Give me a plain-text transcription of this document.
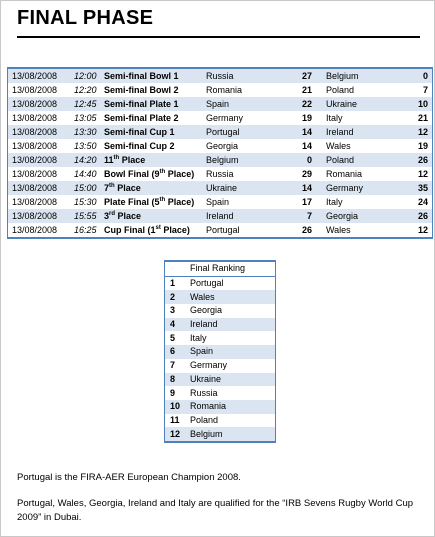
FINAL PHASE
13/08/2008	12:00	Semi-final Bowl 1	Russia	27		Belgium	0
13/08/2008	12:20	Semi-final Bowl 2	Romania	21		Poland	7
13/08/2008	12:45	Semi-final Plate 1	Spain	22		Ukraine	10
13/08/2008	13:05	Semi-final Plate 2	Germany	19		Italy	21
13/08/2008	13:30	Semi-final Cup 1	Portugal	14		Ireland	12
13/08/2008	13:50	Semi-final Cup 2	Georgia	14		Wales	19
13/08/2008	14:20	11th Place	Belgium	0		Poland	26
13/08/2008	14:40	Bowl Final (9th Place)	Russia	29		Romania	12
13/08/2008	15:00	7th Place	Ukraine	14		Germany	35
13/08/2008	15:30	Plate Final (5th Place)	Spain	17		Italy	24
13/08/2008	15:55	3rd Place	Ireland	7		Georgia	26
13/08/2008	16:25	Cup Final (1st Place)	Portugal	26		Wales	12
	Final Ranking
1	Portugal
2	Wales
3	Georgia
4	Ireland
5	Italy
6	Spain
7	Germany
8	Ukraine
9	Russia
10	Romania
11	Poland
12	Belgium
Portugal is the FIRA-AER European Champion 2008.
Portugal, Wales, Georgia, Ireland and Italy are qualified for the “IRB Sevens Rugby World Cup 2009” in Dubai.
